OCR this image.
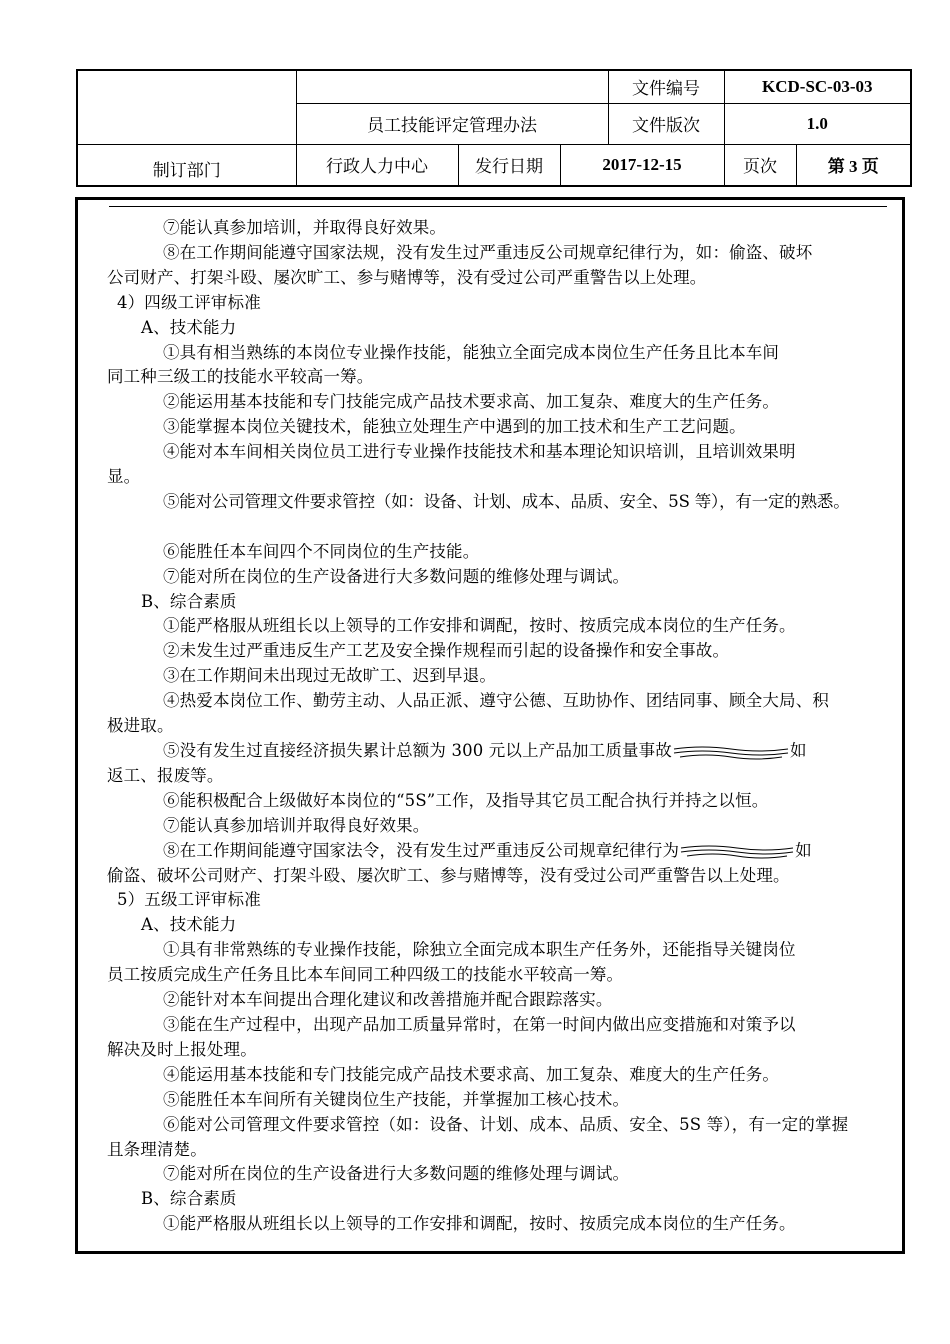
				文件编号	KCD-SC-03-03	
	员工技能评定管理办法			文件版次	1.0	
制订部门	行政人力中心	发行日期	2017-12-15		页次	第 3 页

⑦能认真参加培训，并取得良好效果。

⑧在工作期间能遵守国家法规，没有发生过严重违反公司规章纪律行为，如：偷盗、破坏

公司财产、打架斗殴、屡次旷工、参与赌博等，没有受过公司严重警告以上处理。

4）四级工评审标准

A、技术能力

①具有相当熟练的本岗位专业操作技能，能独立全面完成本岗位生产任务且比本车间

同工种三级工的技能水平较高一筹。

②能运用基本技能和专门技能完成产品技术要求高、加工复杂、难度大的生产任务。

③能掌握本岗位关键技术，能独立处理生产中遇到的加工技术和生产工艺问题。

④能对本车间相关岗位员工进行专业操作技能技术和基本理论知识培训，且培训效果明

显。

⑤能对公司管理文件要求管控（如：设备、计划、成本、品质、安全、5S 等），有一定的熟悉。

⑥能胜任本车间四个不同岗位的生产技能。

⑦能对所在岗位的生产设备进行大多数问题的维修处理与调试。

B、综合素质

①能严格服从班组长以上领导的工作安排和调配，按时、按质完成本岗位的生产任务。

②未发生过严重违反生产工艺及安全操作规程而引起的设备操作和安全事故。

③在工作期间未出现过无故旷工、迟到早退。

④热爱本岗位工作、勤劳主动、人品正派、遵守公德、互助协作、团结同事、顾全大局、积

极进取。

⑤没有发生过直接经济损失累计总额为 300 元以上产品加工质量事故	如

返工、报废等。

⑥能积极配合上级做好本岗位的“5S”工作，及指导其它员工配合执行并持之以恒。

⑦能认真参加培训并取得良好效果。

⑧在工作期间能遵守国家法令，没有发生过严重违反公司规章纪律行为	如

偷盗、破坏公司财产、打架斗殴、屡次旷工、参与赌博等，没有受过公司严重警告以上处理。

5）五级工评审标准

A、技术能力

①具有非常熟练的专业操作技能，除独立全面完成本职生产任务外，还能指导关键岗位

员工按质完成生产任务且比本车间同工种四级工的技能水平较高一筹。

②能针对本车间提出合理化建议和改善措施并配合跟踪落实。

③能在生产过程中，出现产品加工质量异常时，在第一时间内做出应变措施和对策予以

解决及时上报处理。

④能运用基本技能和专门技能完成产品技术要求高、加工复杂、难度大的生产任务。

⑤能胜任本车间所有关键岗位生产技能，并掌握加工核心技术。

⑥能对公司管理文件要求管控（如：设备、计划、成本、品质、安全、5S 等），有一定的掌握

且条理清楚。

⑦能对所在岗位的生产设备进行大多数问题的维修处理与调试。

B、综合素质

①能严格服从班组长以上领导的工作安排和调配，按时、按质完成本岗位的生产任务。
